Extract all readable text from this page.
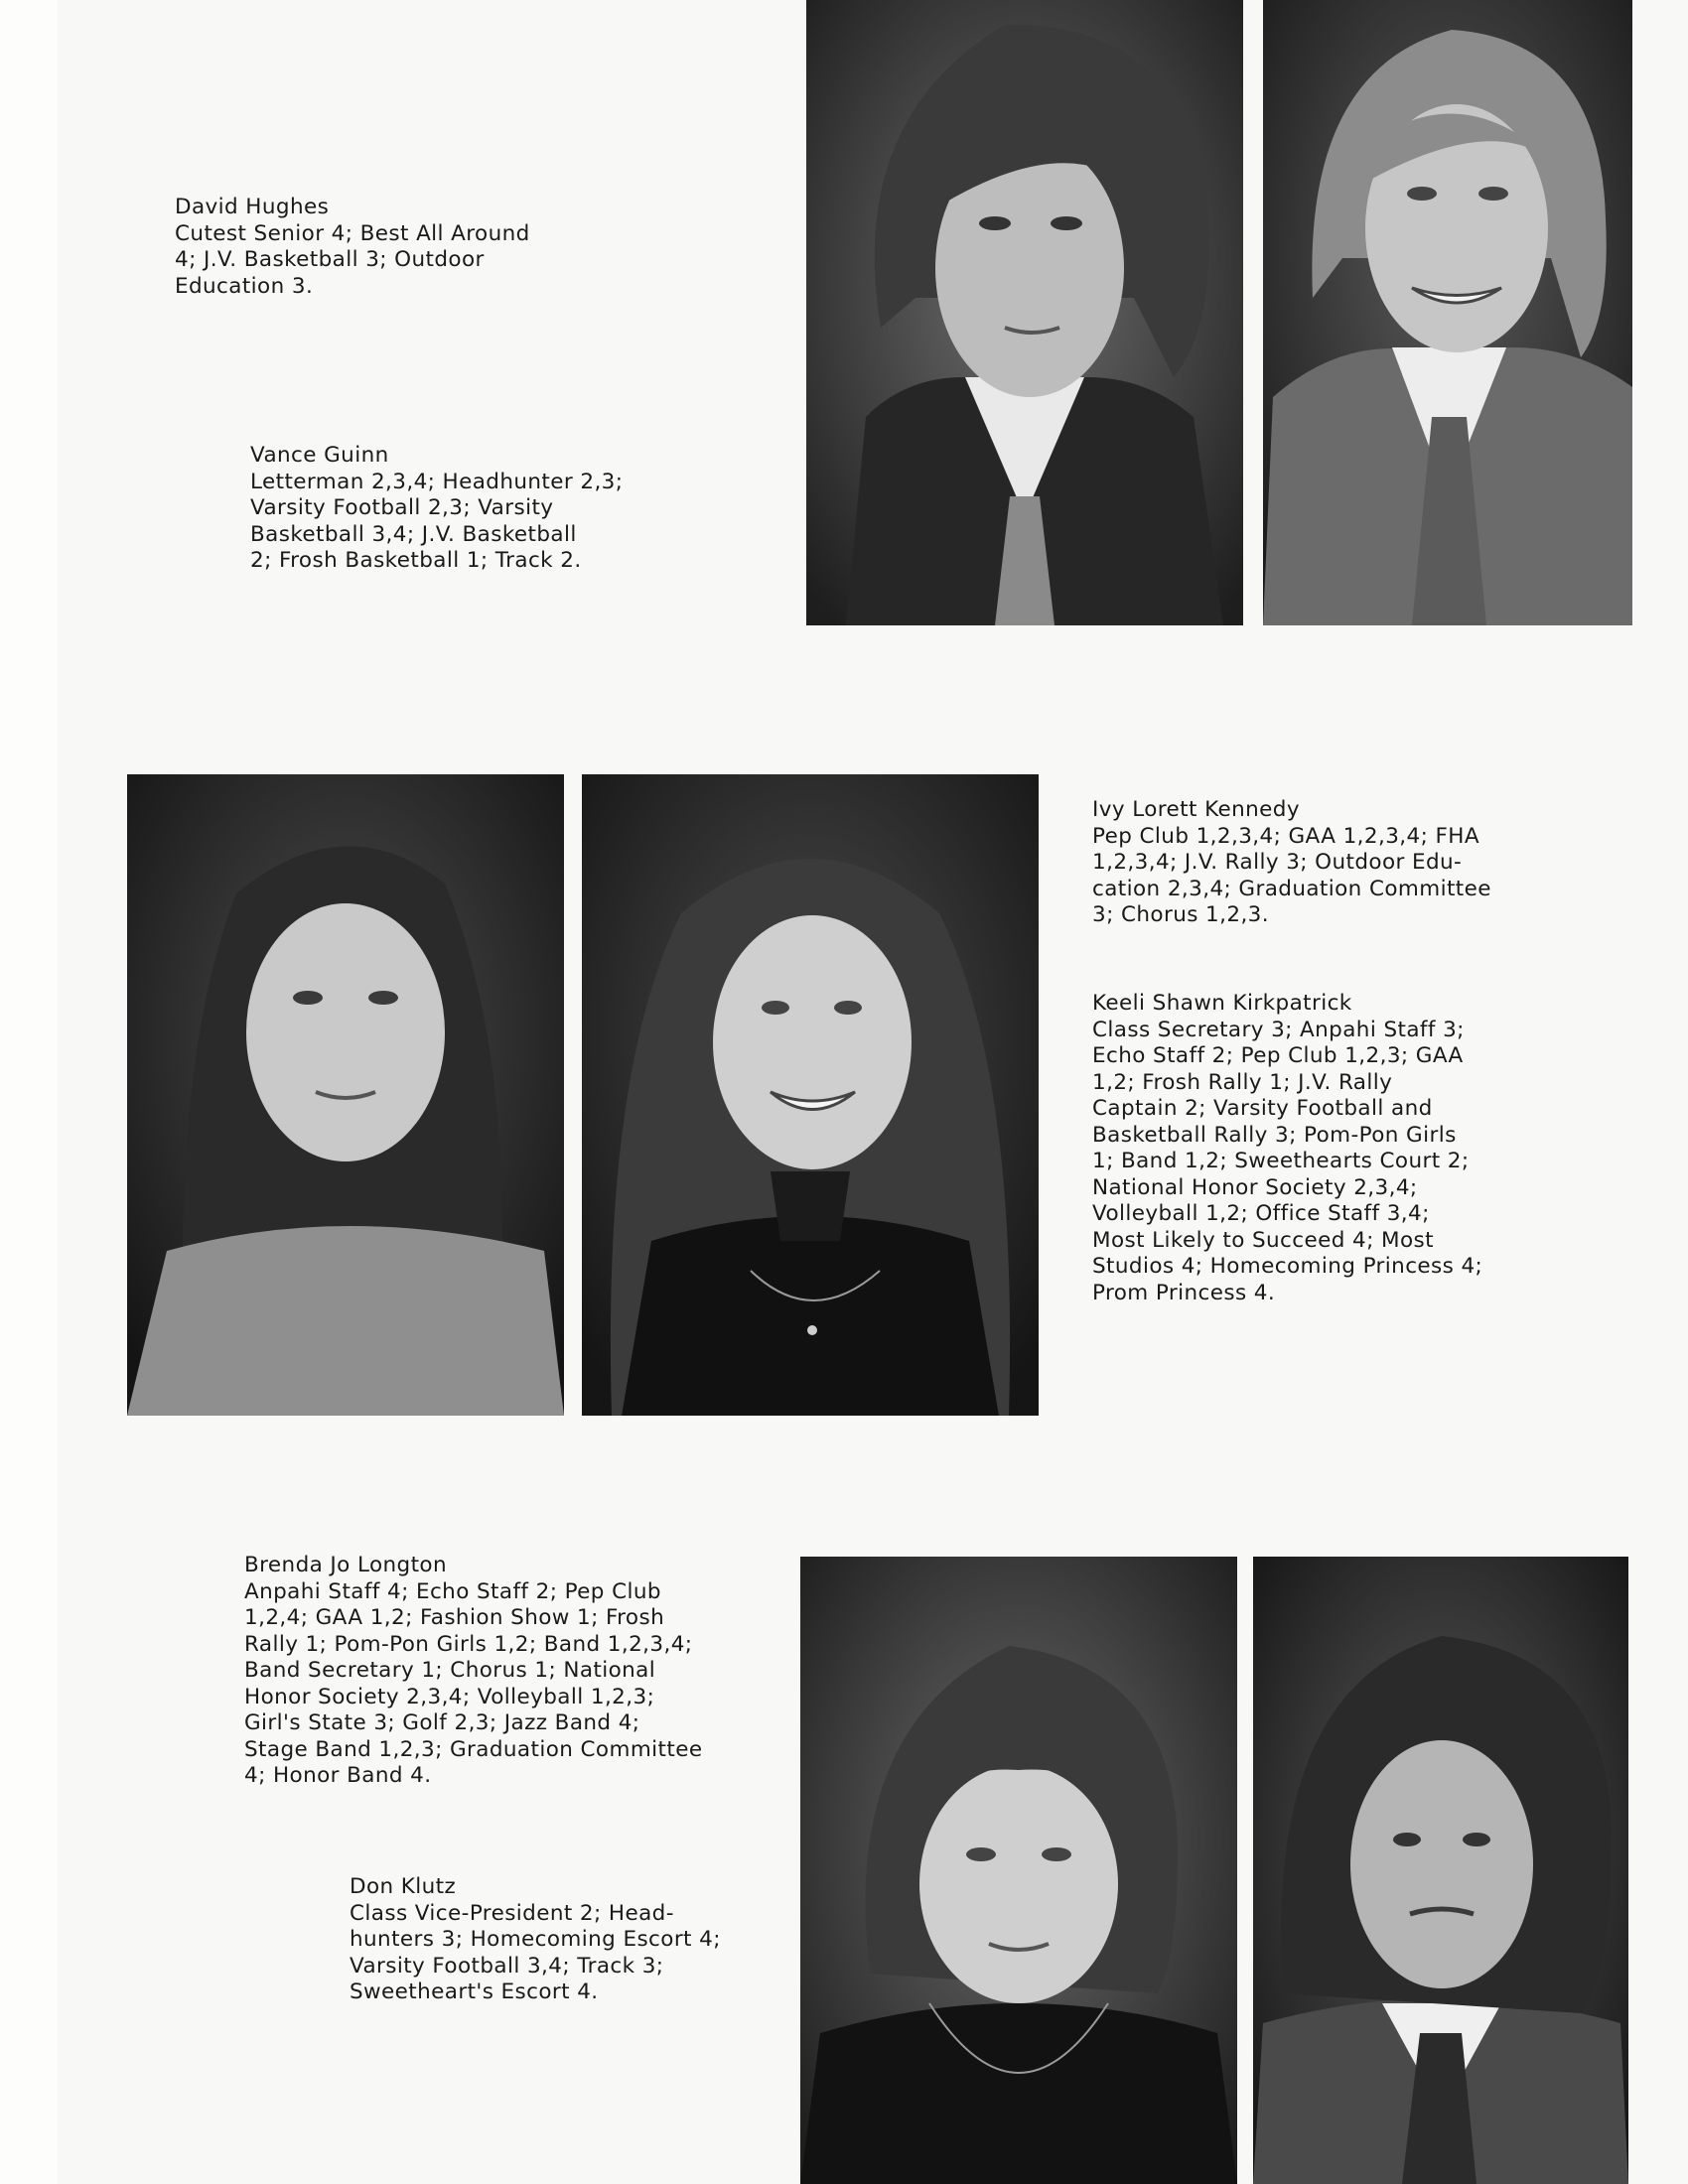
David Hughes
Cutest Senior 4; Best All Around
4; J.V. Basketball 3; Outdoor
Education 3.
Vance Guinn
Letterman 2,3,4; Headhunter 2,3;
Varsity Football 2,3; Varsity
Basketball 3,4; J.V. Basketball
2; Frosh Basketball 1; Track 2.
Ivy Lorett Kennedy
Pep Club 1,2,3,4; GAA 1,2,3,4; FHA
1,2,3,4; J.V. Rally 3; Outdoor Edu-
cation 2,3,4; Graduation Committee
3; Chorus 1,2,3.
Keeli Shawn Kirkpatrick
Class Secretary 3; Anpahi Staff 3;
Echo Staff 2; Pep Club 1,2,3; GAA
1,2; Frosh Rally 1; J.V. Rally
Captain 2; Varsity Football and
Basketball Rally 3; Pom-Pon Girls
1; Band 1,2; Sweethearts Court 2;
National Honor Society 2,3,4;
Volleyball 1,2; Office Staff 3,4;
Most Likely to Succeed 4; Most
Studios 4; Homecoming Princess 4;
Prom Princess 4.
Brenda Jo Longton
Anpahi Staff 4; Echo Staff 2; Pep Club
1,2,4; GAA 1,2; Fashion Show 1; Frosh
Rally 1; Pom-Pon Girls 1,2; Band 1,2,3,4;
Band Secretary 1; Chorus 1; National
Honor Society 2,3,4; Volleyball 1,2,3;
Girl's State 3; Golf 2,3; Jazz Band 4;
Stage Band 1,2,3; Graduation Committee
4; Honor Band 4.
Don Klutz
Class Vice-President 2; Head-
hunters 3; Homecoming Escort 4;
Varsity Football 3,4; Track 3;
Sweetheart's Escort 4.
